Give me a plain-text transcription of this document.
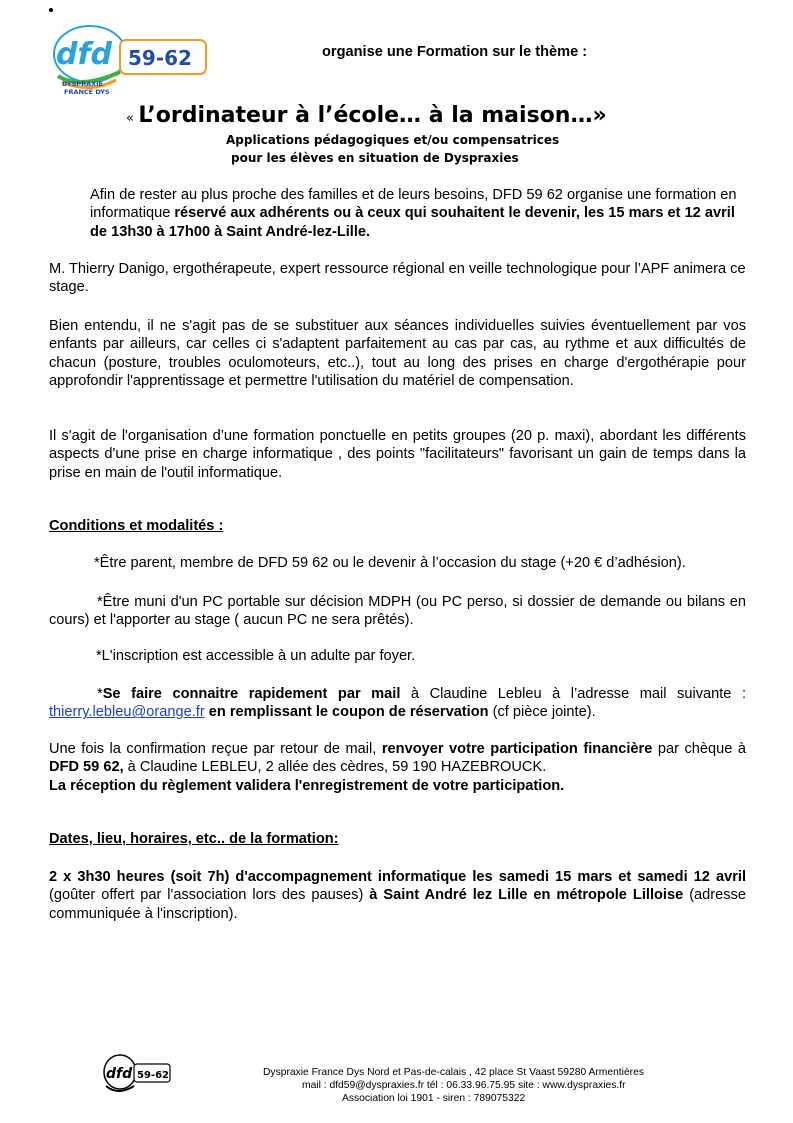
dfd 59-62
DYSPRAXIE
FRANCE DYS
organise une Formation sur le thème :
« L’ordinateur à l’école… à la maison…»
Applications pédagogiques et/ou compensatrices
pour les élèves en situation de Dyspraxies

Afin de rester au plus proche des familles et de leurs besoins, DFD 59 62 organise une formation en informatique réservé aux adhérents ou à ceux qui souhaitent le devenir, les 15 mars et 12 avril de 13h30 à 17h00 à Saint André-lez-Lille.

M. Thierry Danigo, ergothérapeute, expert ressource régional en veille technologique pour l’APF animera ce stage.

Bien entendu, il ne s'agit pas de se substituer aux séances individuelles suivies éventuellement par vos enfants par ailleurs, car celles ci s'adaptent parfaitement au cas par cas, au rythme et aux difficultés de chacun (posture, troubles oculomoteurs, etc..), tout au long des prises en charge d'ergothérapie pour approfondir l'apprentissage et permettre l'utilisation du matériel de compensation.

Il s'agit de l'organisation d’une formation ponctuelle en petits groupes (20 p. maxi), abordant les différents aspects d'une prise en charge informatique , des points "facilitateurs" favorisant un gain de temps dans la prise en main de l'outil informatique.

Conditions et modalités :
*Être parent, membre de DFD 59 62 ou le devenir à l’occasion du stage (+20 € d’adhésion).

*Être muni d'un PC portable sur décision MDPH (ou PC perso, si dossier de demande ou bilans en cours) et l'apporter au stage ( aucun PC ne sera prêtés).

*L'inscription est accessible à un adulte par foyer.

*Se faire connaitre rapidement par mail à Claudine Lebleu à l’adresse mail suivante : thierry.lebleu@orange.fr en remplissant le coupon de réservation (cf pièce jointe).

Une fois la confirmation reçue par retour de mail, renvoyer votre participation financière par chèque à DFD 59 62, à Claudine LEBLEU, 2 allée des cèdres, 59 190 HAZEBROUCK.

La réception du règlement validera l'enregistrement de votre participation.

Dates, lieu, horaires, etc.. de la formation:

2 x 3h30 heures (soit 7h) d'accompagnement informatique les samedi 15 mars et samedi 12 avril (goûter offert par l'association lors des pauses) à Saint André lez Lille en métropole Lilloise (adresse communiquée à l'inscription).

dfd 59-62	Dyspraxie France Dys Nord et Pas-de-calais , 42 place St Vaast 59280 Armentières
mail : dfd59@dyspraxies.fr tél : 06.33.96.75.95 site : www.dyspraxies.fr
Association loi 1901 - siren : 789075322
